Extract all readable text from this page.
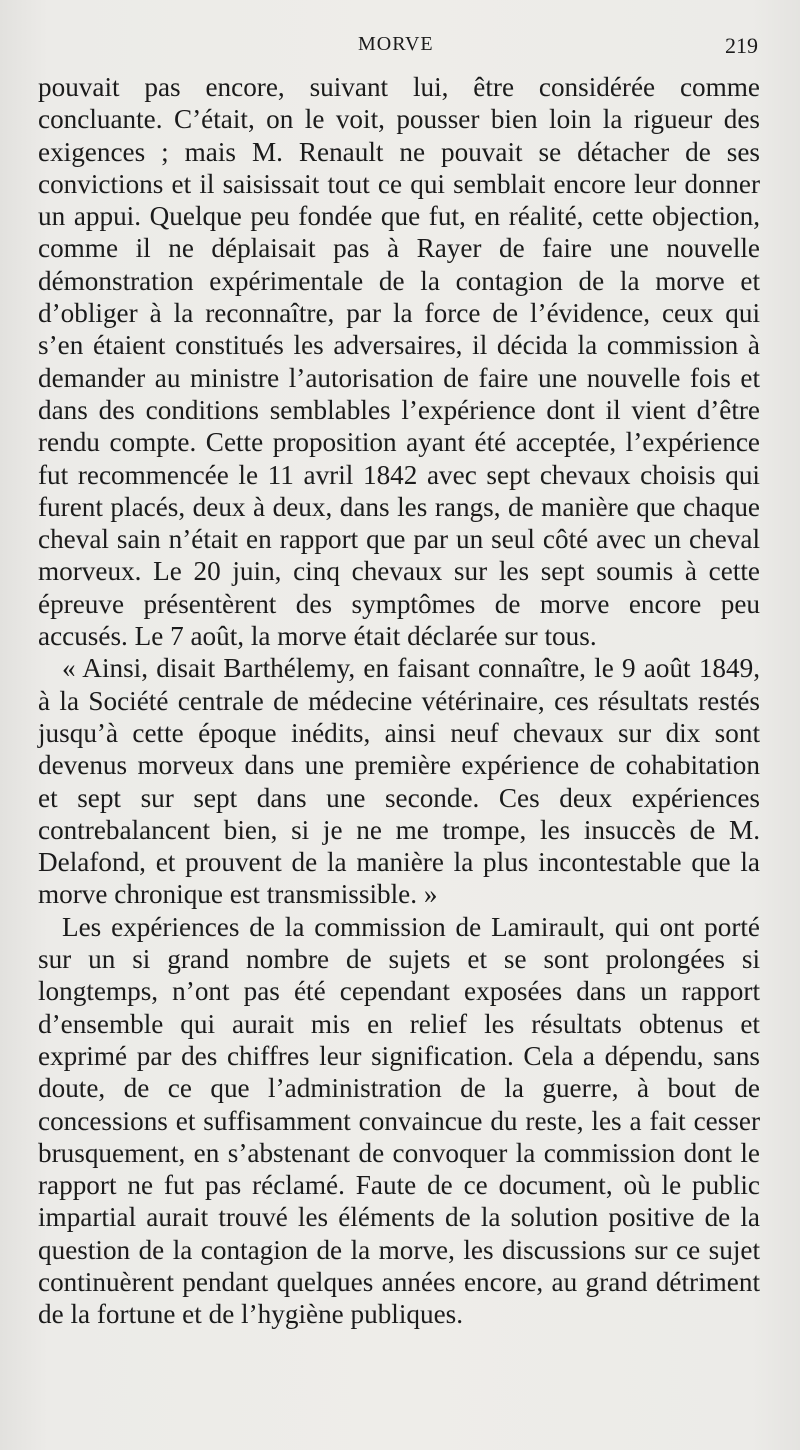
MORVE	219

pouvait pas encore, suivant lui, être considérée comme concluante. C’était, on le voit, pousser bien loin la rigueur des exigences ; mais M. Renault ne pouvait se détacher de ses convictions et il saisissait tout ce qui semblait encore leur donner un appui. Quelque peu fondée que fut, en réalité, cette objection, comme il ne déplaisait pas à Rayer de faire une nouvelle démonstration expérimentale de la contagion de la morve et d’obliger à la reconnaître, par la force de l’évidence, ceux qui s’en étaient constitués les adversaires, il décida la commission à demander au ministre l’autorisation de faire une nouvelle fois et dans des conditions semblables l’expérience dont il vient d’être rendu compte. Cette proposition ayant été acceptée, l’expérience fut recommencée le 11 avril 1842 avec sept chevaux choisis qui furent placés, deux à deux, dans les rangs, de manière que chaque cheval sain n’était en rapport que par un seul côté avec un cheval morveux. Le 20 juin, cinq chevaux sur les sept soumis à cette épreuve présentèrent des symptômes de morve encore peu accusés. Le 7 août, la morve était déclarée sur tous.

« Ainsi, disait Barthélemy, en faisant connaître, le 9 août 1849, à la Société centrale de médecine vétérinaire, ces résultats restés jusqu’à cette époque inédits, ainsi neuf chevaux sur dix sont devenus morveux dans une première expérience de cohabitation et sept sur sept dans une seconde. Ces deux expériences contrebalancent bien, si je ne me trompe, les insuccès de M. Delafond, et prouvent de la manière la plus incontestable que la morve chronique est transmissible. »

Les expériences de la commission de Lamirault, qui ont porté sur un si grand nombre de sujets et se sont prolongées si longtemps, n’ont pas été cependant exposées dans un rapport d’ensemble qui aurait mis en relief les résultats obtenus et exprimé par des chiffres leur signification. Cela a dépendu, sans doute, de ce que l’administration de la guerre, à bout de concessions et suffisamment convaincue du reste, les a fait cesser brusquement, en s’abstenant de convoquer la commission dont le rapport ne fut pas réclamé. Faute de ce document, où le public impartial aurait trouvé les éléments de la solution positive de la question de la contagion de la morve, les discussions sur ce sujet continuèrent pendant quelques années encore, au grand détriment de la fortune et de l’hygiène publiques.
